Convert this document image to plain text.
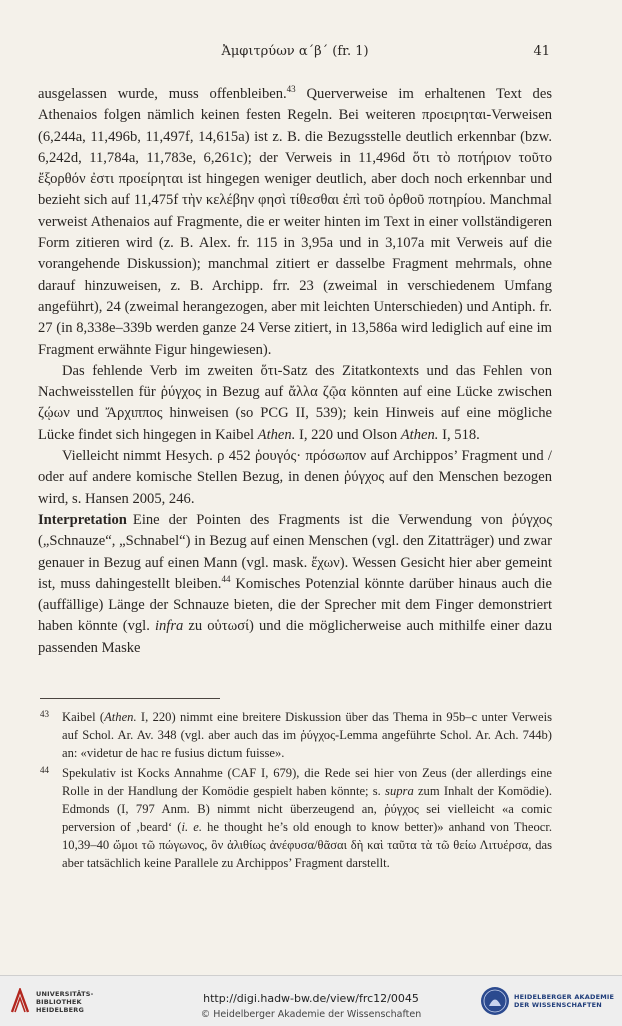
Ἀμφιτρύων α´β´ (fr. 1)	41

ausgelassen wurde, muss offenbleiben.$^{43}$ Querverweise im erhaltenen Text des Athenaios folgen nämlich keinen festen Regeln. Bei weiteren προειρηται-Verweisen (6,244a, 11,496b, 11,497f, 14,615a) ist z. B. die Bezugsstelle deutlich erkennbar (bzw. 6,242d, 11,784a, 11,783e, 6,261c); der Verweis in 11,496d ὅτι τὸ ποτήριον τοῦτο ἔξορθόν ἐστι προείρηται ist hingegen weniger deutlich, aber doch noch erkennbar und bezieht sich auf 11,475f τὴν κελέβην φησὶ τίθεσθαι ἐπὶ τοῦ ὀρθοῦ ποτηρίου. Manchmal verweist Athenaios auf Fragmente, die er weiter hinten im Text in einer vollständigeren Form zitieren wird (z. B. Alex. fr. 115 in 3,95a und in 3,107a mit Verweis auf die vorangehende Diskussion); manchmal zitiert er dasselbe Fragment mehrmals, ohne darauf hinzuweisen, z. B. Archipp. frr. 23 (zweimal in verschiedenem Umfang angeführt), 24 (zweimal herangezogen, aber mit leichten Unterschieden) und Antiph. fr. 27 (in 8,338e–339b werden ganze 24 Verse zitiert, in 13,586a wird lediglich auf eine im Fragment erwähnte Figur hingewiesen).

Das fehlende Verb im zweiten ὅτι-Satz des Zitatkontexts und das Fehlen von Nachweisstellen für ῥύγχος in Bezug auf ἄλλα ζῷα könnten auf eine Lücke zwischen ζῴων und Ἄρχιππος hinweisen (so PCG II, 539); kein Hinweis auf eine mögliche Lücke findet sich hingegen in Kaibel Athen. I, 220 und Olson Athen. I, 518.

Vielleicht nimmt Hesych. ρ 452 ῥουγός· πρόσωπον auf Archippos’ Fragment und / oder auf andere komische Stellen Bezug, in denen ῥύγχος auf den Menschen bezogen wird, s. Hansen 2005, 246.

Interpretation Eine der Pointen des Fragments ist die Verwendung von ῥύγχος („Schnauze“, „Schnabel“) in Bezug auf einen Menschen (vgl. den Zitatträger) und zwar genauer in Bezug auf einen Mann (vgl. mask. ἔχων). Wessen Gesicht hier aber gemeint ist, muss dahingestellt bleiben.$^{44}$ Komisches Potenzial könnte darüber hinaus auch die (auffällige) Länge der Schnauze bieten, die der Sprecher mit dem Finger demonstriert haben könnte (vgl. infra zu οὑτωσί) und die möglicherweise auch mithilfe einer dazu passenden Maske

43 Kaibel (Athen. I, 220) nimmt eine breitere Diskussion über das Thema in 95b–c unter Verweis auf Schol. Ar. Av. 348 (vgl. aber auch das im ῥύγχος-Lemma angeführte Schol. Ar. Ach. 744b) an: «videtur de hac re fusius dictum fuisse».
44 Spekulativ ist Kocks Annahme (CAF I, 679), die Rede sei hier von Zeus (der allerdings eine Rolle in der Handlung der Komödie gespielt haben könnte; s. supra zum Inhalt der Komödie). Edmonds (I, 797 Anm. B) nimmt nicht überzeugend an, ῥύγχος sei vielleicht «a comic perversion of ‚beard‘ (i. e. he thought he’s old enough to know better)» anhand von Theocr. 10,39–40 ὤμοι τῶ πώγωνος, ὃν ἀλιθίως ἀνέφυσα/θᾶσαι δὴ καὶ ταῦτα τὰ τῶ θείω Λιτυέρσα, das aber tatsächlich keine Parallele zu Archippos’ Fragment darstellt.
UNIVERSITÄTS-
BIBLIOTHEK
HEIDELBERG
http://digi.hadw-bw.de/view/frc12/0045
© Heidelberger Akademie der Wissenschaften
HEIDELBERGER AKADEMIE
DER WISSENSCHAFTEN
